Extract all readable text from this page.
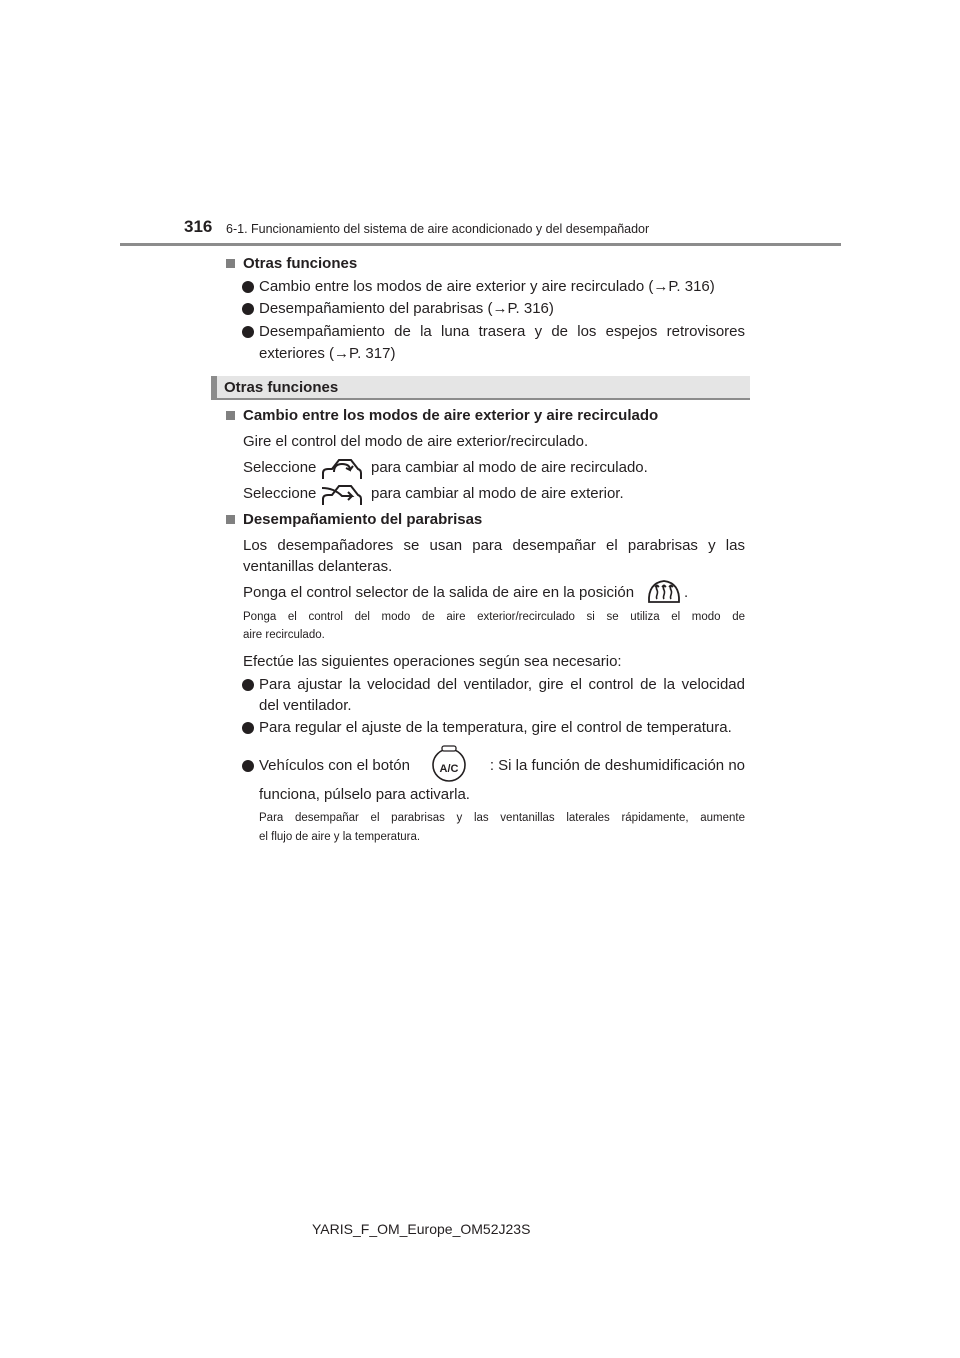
316 6-1. Funcionamiento del sistema de aire acondicionado y del desempañador
Otras funciones
Cambio entre los modos de aire exterior y aire recirculado (→P. 316)
Desempañamiento del parabrisas (→P. 316)
Desempañamiento de la luna trasera y de los espejos retrovisores
exteriores (→P. 317)
Otras funciones
Cambio entre los modos de aire exterior y aire recirculado
Gire el control del modo de aire exterior/recirculado.
Seleccione	para cambiar al modo de aire recirculado.
Seleccione	para cambiar al modo de aire exterior.
Desempañamiento del parabrisas
Los desempañadores se usan para desempañar el parabrisas y las
ventanillas delanteras.
Ponga el control selector de la salida de aire en la posición	.
Ponga el control del modo de aire exterior/recirculado si se utiliza el modo de
aire recirculado.
Efectúe las siguientes operaciones según sea necesario:
Para ajustar la velocidad del ventilador, gire el control de la velocidad
del ventilador.
Para regular el ajuste de la temperatura, gire el control de temperatura.
Vehículos con el botón	A/C	: Si la función de deshumidificación no
funciona, púlselo para activarla.
Para desempañar el parabrisas y las ventanillas laterales rápidamente, aumente
el flujo de aire y la temperatura.
YARIS_F_OM_Europe_OM52J23S
